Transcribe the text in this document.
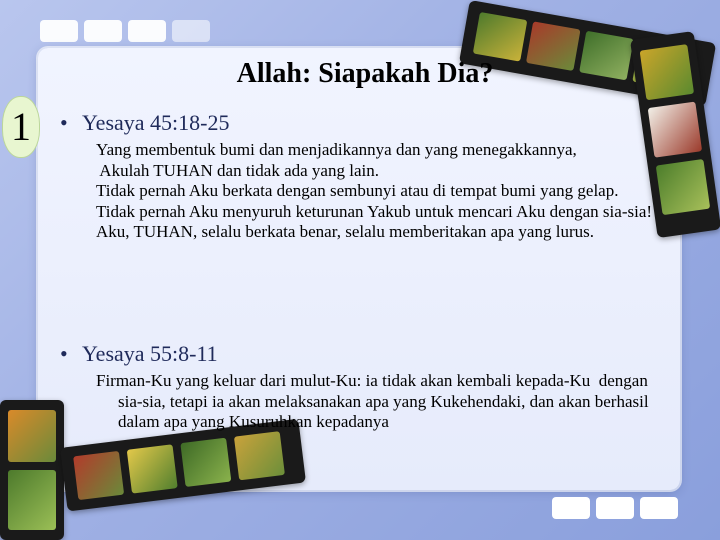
1
Allah: Siapakah Dia?
• Yesaya 45:18-25

Yang membentuk bumi dan menjadikannya dan yang menegakkannya,

Akulah TUHAN dan tidak ada yang lain.

Tidak pernah Aku berkata dengan sembunyi atau di tempat bumi yang gelap.

Tidak pernah Aku menyuruh keturunan Yakub untuk mencari Aku dengan sia-sia!

Aku, TUHAN, selalu berkata benar, selalu memberitakan apa yang lurus.

• Yesaya 55:8-11

Firman-Ku yang keluar dari mulut-Ku: ia tidak akan kembali kepada-Ku  dengan sia-sia, tetapi ia akan melaksanakan apa yang Kukehendaki, dan akan berhasil dalam apa yang Kusuruhkan kepadanya
